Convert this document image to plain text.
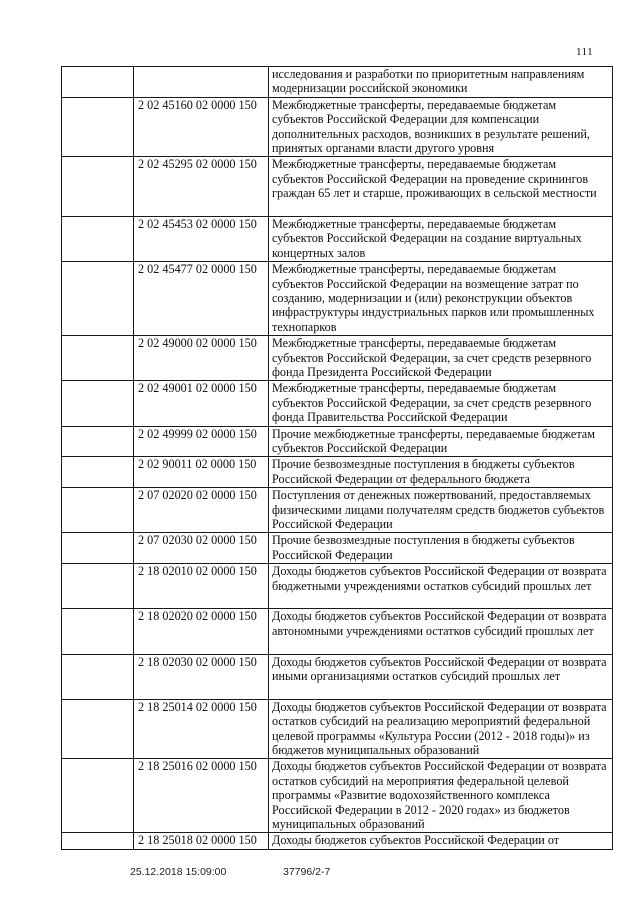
111
		исследования и разработки по приоритетным направлениям модернизации российской экономики
	2 02 45160 02 0000 150	Межбюджетные трансферты, передаваемые бюджетам субъектов Российской Федерации для компенсации дополнительных расходов, возникших в результате решений, принятых органами власти другого уровня
	2 02 45295 02 0000 150	Межбюджетные трансферты, передаваемые бюджетам субъектов Российской Федерации на проведение скринингов граждан 65 лет и старше, проживающих в сельской местности
	2 02 45453 02 0000 150	Межбюджетные трансферты, передаваемые бюджетам субъектов Российской Федерации на создание виртуальных концертных залов
	2 02 45477 02 0000 150	Межбюджетные трансферты, передаваемые бюджетам субъектов Российской Федерации на возмещение затрат по созданию, модернизации и (или) реконструкции объектов инфраструктуры индустриальных парков или промышленных технопарков
	2 02 49000 02 0000 150	Межбюджетные трансферты, передаваемые бюджетам субъектов Российской Федерации, за счет средств резервного фонда Президента Российской Федерации
	2 02 49001 02 0000 150	Межбюджетные трансферты, передаваемые бюджетам субъектов Российской Федерации, за счет средств резервного фонда Правительства Российской Федерации
	2 02 49999 02 0000 150	Прочие межбюджетные трансферты, передаваемые бюджетам субъектов Российской Федерации
	2 02 90011 02 0000 150	Прочие безвозмездные поступления в бюджеты субъектов Российской Федерации от федерального бюджета
	2 07 02020 02 0000 150	Поступления от денежных пожертвований, предоставляемых физическими лицами получателям средств бюджетов субъектов Российской Федерации
	2 07 02030 02 0000 150	Прочие безвозмездные поступления в бюджеты субъектов Российской Федерации
	2 18 02010 02 0000 150	Доходы бюджетов субъектов Российской Федерации от возврата бюджетными учреждениями остатков субсидий прошлых лет
	2 18 02020 02 0000 150	Доходы бюджетов субъектов Российской Федерации от возврата автономными учреждениями остатков субсидий прошлых лет
	2 18 02030 02 0000 150	Доходы бюджетов субъектов Российской Федерации от возврата иными организациями остатков субсидий прошлых лет
	2 18 25014 02 0000 150	Доходы бюджетов субъектов Российской Федерации от возврата остатков субсидий на реализацию мероприятий федеральной целевой программы «Культура России (2012 - 2018 годы)» из бюджетов муниципальных образований
	2 18 25016 02 0000 150	Доходы бюджетов субъектов Российской Федерации от возврата остатков субсидий на мероприятия федеральной целевой программы «Развитие водохозяйственного комплекса Российской Федерации в 2012 - 2020 годах» из бюджетов муниципальных образований
	2 18 25018 02 0000 150	Доходы бюджетов субъектов Российской Федерации от
25.12.2018 15:09:00	37796/2-7
